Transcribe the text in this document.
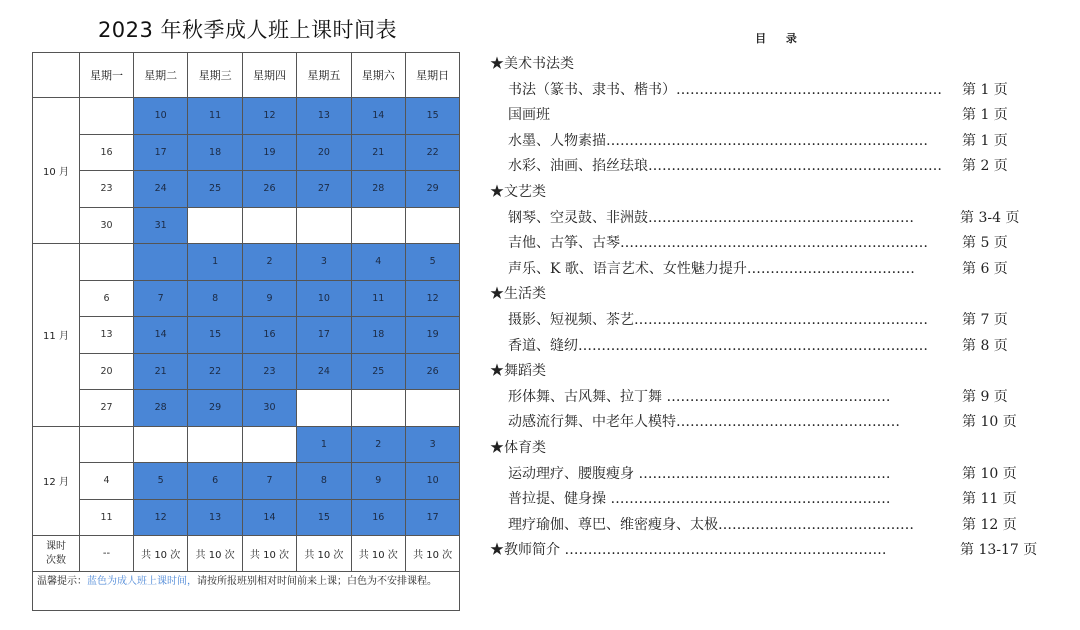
2023 年秋季成人班上课时间表
	星期一	星期二	星期三	星期四	星期五	星期六	星期日
10 月		10	11	12	13	14	15
	16	17	18	19	20	21	22
	23	24	25	26	27	28	29
	30	31					
11 月			1	2	3	4	5
	6	7	8	9	10	11	12
	13	14	15	16	17	18	19
	20	21	22	23	24	25	26
	27	28	29	30			
12 月					1	2	3
	4	5	6	7	8	9	10
	11	12	13	14	15	16	17

课时
次数	--	共 10 次	共 10 次	共 10 次	共 10 次	共 10 次	共 10 次
温馨提示：蓝色为成人班上课时间，请按所报班别相对时间前来上课；白色为不安排课程。							
目 录
★美术书法类
书法（篆书、隶书、楷书）………………………………………………… 第 1 页
国画班	第 1 页
水墨、人物素描…………………………………………………………… 第 1 页
水彩、油画、掐丝珐琅……………………………………………………… 第 2 页
★文艺类
钢琴、空灵鼓、非洲鼓…………………………………………………	第 3-4 页
吉他、古筝、古琴………………………………………………………… 第 5 页
声乐、K 歌、语言艺术、女性魅力提升………………………………	第 6 页
★生活类
摄影、短视频、茶艺……………………………………………………… 第 7 页
香道、缝纫………………………………………………………………… 第 8 页
★舞蹈类
形体舞、古风舞、拉丁舞 …………………………………………	第 9 页
动感流行舞、中老年人模特…………………………………………	第 10 页
★体育类
运动理疗、腰腹瘦身 ………………………………………………	第 10 页
普拉提、健身操 ……………………………………………………	第 11 页
理疗瑜伽、尊巴、维密瘦身、太极……………………………………	第 12 页
★教师简介 ……………………………………………………………	第 13-17 页
